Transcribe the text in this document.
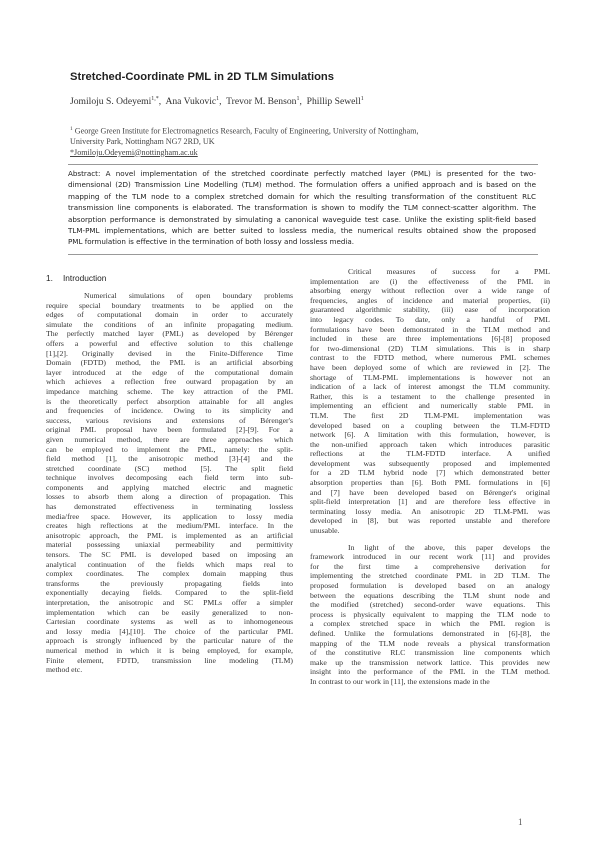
Stretched-Coordinate PML in 2D TLM Simulations
Jomiloju S. Odeyemi$^{1,*}$,  Ana Vukovic$^1$,  Trevor M. Benson$^1$,  Phillip Sewell$^1$
$^1$ George Green Institute for Electromagnetics Research, Faculty of Engineering, University of Nottingham,
University Park, Nottingham NG7 2RD, UK
*Jomiloju.Odeyemi@nottingham.ac.uk
Abstract: A novel implementation of the stretched coordinate perfectly matched layer (PML) is presented for the two-
dimensional (2D) Transmission Line Modelling (TLM) method. The formulation offers a unified approach and is based on the
mapping of the TLM node to a complex stretched domain for which the resulting transformation of the constituent RLC
transmission line components is elaborated. The transformation is shown to modify the TLM connect-scatter algorithm. The
absorption performance is demonstrated by simulating a canonical waveguide test case. Unlike the existing split-field based
TLM-PML implementations, which are better suited to lossless media, the numerical results obtained show the proposed
PML formulation is effective in the termination of both lossy and lossless media.
1. Introduction
Numerical simulations of open boundary problems
require special boundary treatments to be applied on the
edges of computational domain in order to accurately
simulate the conditions of an infinite propagating medium.
The perfectly matched layer (PML) as developed by Bérenger
offers a powerful and effective solution to this challenge
[1],[2]. Originally devised in the Finite-Difference Time
Domain (FDTD) method, the PML is an artificial absorbing
layer introduced at the edge of the computational domain
which achieves a reflection free outward propagation by an
impedance matching scheme. The key attraction of the PML
is the theoretically perfect absorption attainable for all angles
and frequencies of incidence. Owing to its simplicity and
success, various revisions and extensions of Bérenger's
original PML proposal have been formulated [2]-[9]. For a
given numerical method, there are three approaches which
can be employed to implement the PML, namely: the split-
field method [1], the anisotropic method [3]-[4] and the
stretched coordinate (SC) method [5]. The split field
technique involves decomposing each field term into sub-
components and applying matched electric and magnetic
losses to absorb them along a direction of propagation. This
has demonstrated effectiveness in terminating lossless
media/free space. However, its application to lossy media
creates high reflections at the medium/PML interface. In the
anisotropic approach, the PML is implemented as an artificial
material possessing uniaxial permeability and permittivity
tensors. The SC PML is developed based on imposing an
analytical continuation of the fields which maps real to
complex coordinates. The complex domain mapping thus
transforms the previously propagating fields into
exponentially decaying fields. Compared to the split-field
interpretation, the anisotropic and SC PMLs offer a simpler
implementation which can be easily generalized to non-
Cartesian coordinate systems as well as to inhomogeneous
and lossy media [4],[10]. The choice of the particular PML
approach is strongly influenced by the particular nature of the
numerical method in which it is being employed, for example,
Finite element, FDTD, transmission line modeling (TLM)
method etc.
Critical measures of success for a PML
implementation are (i) the effectiveness of the PML in
absorbing energy without reflection over a wide range of
frequencies, angles of incidence and material properties, (ii)
guaranteed algorithmic stability, (iii) ease of incorporation
into legacy codes. To date, only a handful of PML
formulations have been demonstrated in the TLM method and
included in these are three implementations [6]-[8] proposed
for two-dimensional (2D) TLM simulations. This is in sharp
contrast to the FDTD method, where numerous PML schemes
have been deployed some of which are reviewed in [2]. The
shortage of TLM-PML implementations is however not an
indication of a lack of interest amongst the TLM community.
Rather, this is a testament to the challenge presented in
implementing an efficient and numerically stable PML in
TLM. The first 2D TLM-PML implementation was
developed based on a coupling between the TLM-FDTD
network [6]. A limitation with this formulation, however, is
the non-unified approach taken which introduces parasitic
reflections at the TLM-FDTD interface. A unified
development was subsequently proposed and implemented
for a 2D TLM hybrid node [7] which demonstrated better
absorption properties than [6]. Both PML formulations in [6]
and [7] have been developed based on Bérenger's original
split-field interpretation [1] and are therefore less effective in
terminating lossy media. An anisotropic 2D TLM-PML was
developed in [8], but was reported unstable and therefore
unusable.
In light of the above, this paper develops the
framework introduced in our recent work [11] and provides
for the first time a comprehensive derivation for
implementing the stretched coordinate PML in 2D TLM. The
proposed formulation is developed based on an analogy
between the equations describing the TLM shunt node and
the modified (stretched) second-order wave equations. This
process is physically equivalent to mapping the TLM node to
a complex stretched space in which the PML region is
defined. Unlike the formulations demonstrated in [6]-[8], the
mapping of the TLM node reveals a physical transformation
of the constitutive RLC transmission line components which
make up the transmission network lattice. This provides new
insight into the performance of the PML in the TLM method.
In contrast to our work in [11], the extensions made in the
1
